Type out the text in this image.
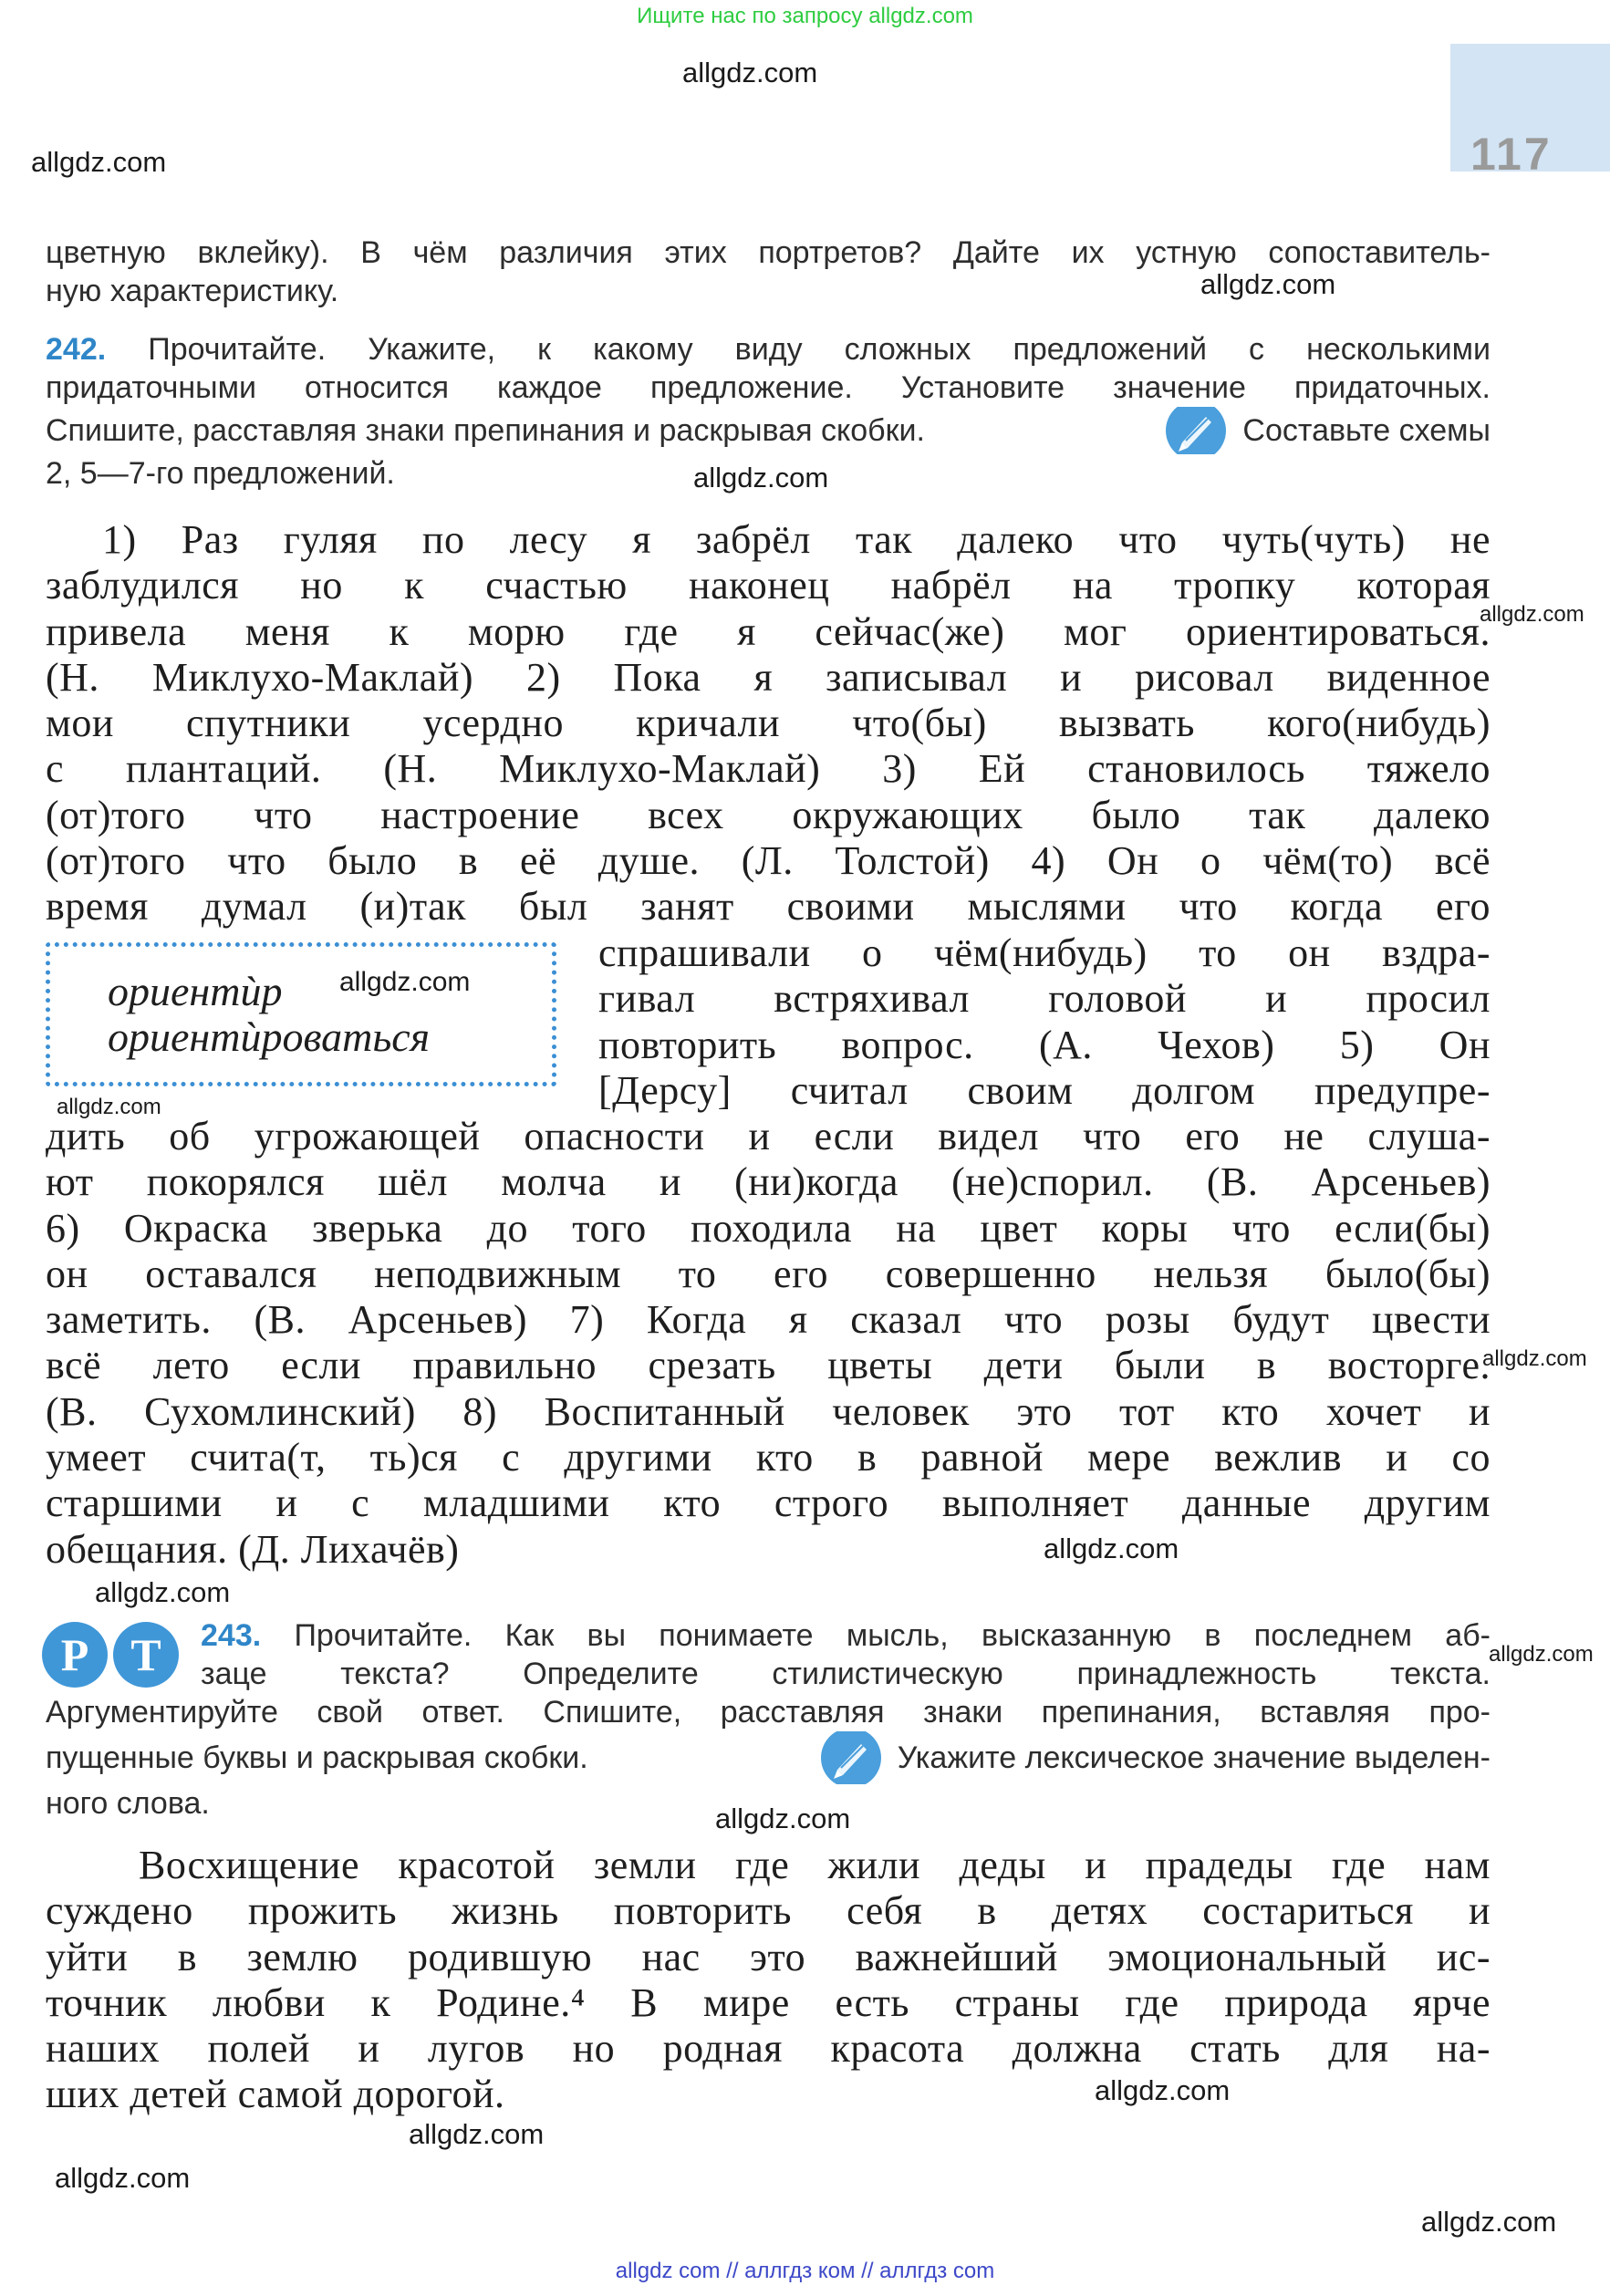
Ищите нас по запросу allgdz.com
allgdz com // аллгдз ком // аллгдз com
117
allgdz.com
allgdz.com
allgdz.com
allgdz.com
allgdz.com
allgdz.com
allgdz.com
allgdz.com
allgdz.com
allgdz.com
allgdz.com
allgdz.com
allgdz.com
allgdz.com
allgdz.com
allgdz.com
цветную вклейку). В чём различия этих портретов? Дайте их устную сопоставитель-
ную характеристику.
242. Прочитайте. Укажите, к какому виду сложных предложений с несколькими
придаточными относится каждое предложение. Установите значение придаточных.
Спишите, расставляя знаки препинания и раскрывая скобки.	Составьте схемы
2, 5—7-го предложений.
1) Раз гуляя по лесу я забрёл так далеко что чуть(чуть) не
заблудился но к счастью наконец набрёл на тропку которая
привела меня к морю где я сейчас(же) мог ориентироваться.
(Н. Миклухо-Маклай) 2) Пока я записывал и рисовал виденное
мои спутники усердно кричали что(бы) вызвать кого(нибудь)
с плантаций. (Н. Миклухо-Маклай) 3) Ей становилось тяжело
(от)того что настроение всех окружающих было так далеко
(от)того что было в её душе. (Л. Толстой) 4) Он о чём(то) всё
время думал (и)так был занят своими мыслями что когда его
ориентѝр
ориентѝроваться
спрашивали о чём(нибудь) то он вздра-
гивал встряхивал головой и просил
повторить вопрос. (А. Чехов) 5) Он
[Дерсу] считал своим долгом предупре-
дить об угрожающей опасности и если видел что его не слуша-
ют покорялся шёл молча и (ни)когда (не)спорил. (В. Арсеньев)
6) Окраска зверька до того походила на цвет коры что если(бы)
он оставался неподвижным то его совершенно нельзя было(бы)
заметить. (В. Арсеньев) 7) Когда я сказал что розы будут цвести
всё лето если правильно срезать цветы дети были в восторге.
(В. Сухомлинский) 8) Воспитанный человек это тот кто хочет и
умеет счита(т, ть)ся с другими кто в равной мере вежлив и со
старшими и с младшими кто строго выполняет данные другим
обещания. (Д. Лихачёв)
Р Т	243. Прочитайте. Как вы понимаете мысль, высказанную в последнем аб-
заце текста? Определите стилистическую принадлежность текста.
Аргументируйте свой ответ. Спишите, расставляя знаки препинания, вставляя про-
пущенные буквы и раскрывая скобки.	Укажите лексическое значение выделен-
ного слова.
Восхищение красотой земли где жили деды и прадеды где нам
суждено прожить жизнь повторить себя в детях состариться и
уйти в землю родившую нас это важнейший эмоциональный ис-
точник любви к Родине.⁴ В мире есть страны где природа ярче
наших полей и лугов но родная красота должна стать для на-
ших детей самой дорогой.
